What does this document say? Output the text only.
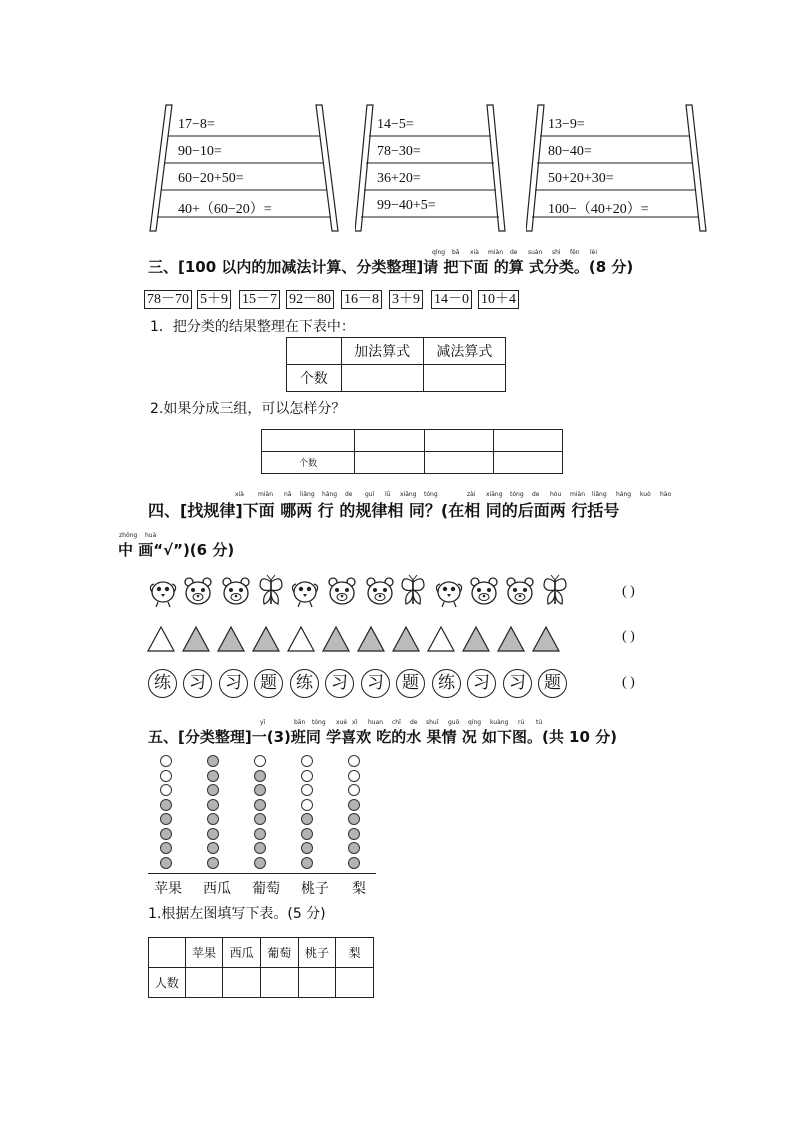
17−8=
90−10=
60−20+50=
40+（60−20）=
14−5=
78−30=
36+20=
99−40+5=
13−9=
80−40=
50+20+30=
100−（40+20）=
qǐng bǎ xià miàn de suàn shì fēn lèi
三、[100 以内的加减法计算、分类整理]请 把下面 的算 式分类。(8 分)
78－70 5＋9 15－7 92－80 16－8 3＋9 14－0 10＋4
1．把分类的结果整理在下表中：
	加法算式	减法算式
个数		
2.如果分成三组，可以怎样分？

个数			
xià miàn nǎ liǎng háng de guī lǜ xiāng tóng	zài xiāng tóng de hòu miàn liǎng háng kuò hào
四、[找规律]下面 哪两 行 的规律相 同？(在相 同的后面两 行括号
zhōng huà
中 画“√”)(6 分)
( )
( )
练	习	习	题	练	习	习	题	练	习	习	题	( )
yī	bān tóng xué xǐ huan chī de shuǐ guǒ qíng kuàng rú tú
五、[分类整理]一(3)班同 学喜欢 吃的水 果情 况 如下图。(共 10 分)
苹果 西瓜 葡萄 桃子 梨
1.根据左图填写下表。(5 分)
	苹果	西瓜	葡萄	桃子	梨
人数					
